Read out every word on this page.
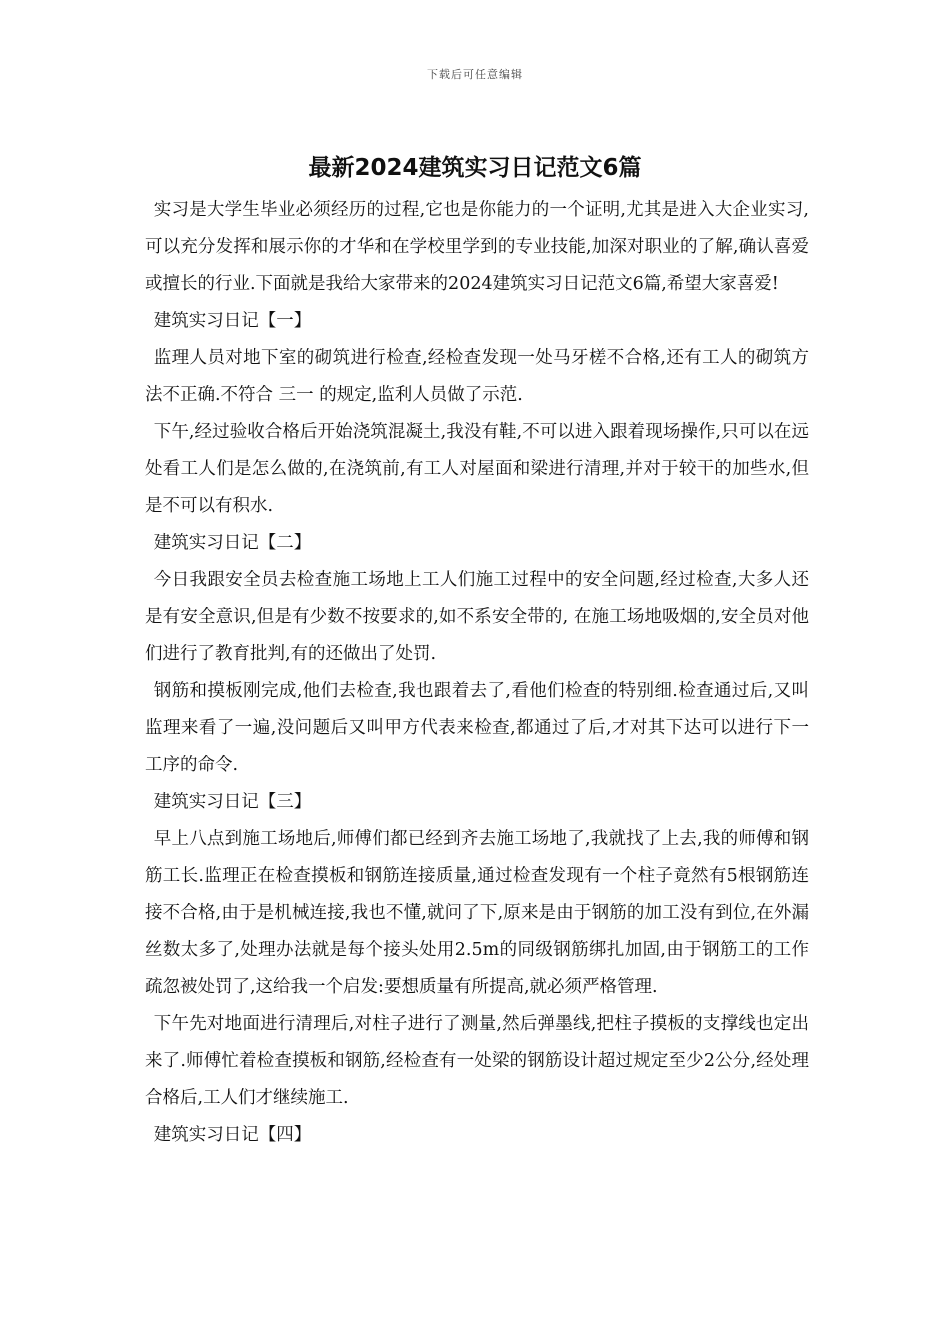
下载后可任意编辑
最新2024建筑实习日记范文6篇

实习是大学生毕业必须经历的过程,它也是你能力的一个证明,尤其是进入大企业实习,可以充分发挥和展示你的才华和在学校里学到的专业技能,加深对职业的了解,确认喜爱或擅长的行业.下面就是我给大家带来的2024建筑实习日记范文6篇,希望大家喜爱!

建筑实习日记【一】

监理人员对地下室的砌筑进行检查,经检查发现一处马牙槎不合格,还有工人的砌筑方法不正确.不符合 三一 的规定,监利人员做了示范.

下午,经过验收合格后开始浇筑混凝土,我没有鞋,不可以进入跟着现场操作,只可以在远处看工人们是怎么做的,在浇筑前,有工人对屋面和梁进行清理,并对于较干的加些水,但是不可以有积水.

建筑实习日记【二】

今日我跟安全员去检查施工场地上工人们施工过程中的安全问题,经过检查,大多人还是有安全意识,但是有少数不按要求的,如不系安全带的, 在施工场地吸烟的,安全员对他们进行了教育批判,有的还做出了处罚.

钢筋和摸板刚完成,他们去检查,我也跟着去了,看他们检查的特别细.检查通过后,又叫监理来看了一遍,没问题后又叫甲方代表来检查,都通过了后,才对其下达可以进行下一工序的命令.

建筑实习日记【三】

早上八点到施工场地后,师傅们都已经到齐去施工场地了,我就找了上去,我的师傅和钢筋工长.监理正在检查摸板和钢筋连接质量,通过检查发现有一个柱子竟然有5根钢筋连接不合格,由于是机械连接,我也不懂,就问了下,原来是由于钢筋的加工没有到位,在外漏丝数太多了,处理办法就是每个接头处用2.5m的同级钢筋绑扎加固,由于钢筋工的工作疏忽被处罚了,这给我一个启发:要想质量有所提高,就必须严格管理.

下午先对地面进行清理后,对柱子进行了测量,然后弹墨线,把柱子摸板的支撑线也定出来了.师傅忙着检查摸板和钢筋,经检查有一处梁的钢筋设计超过规定至少2公分,经处理合格后,工人们才继续施工.

建筑实习日记【四】
